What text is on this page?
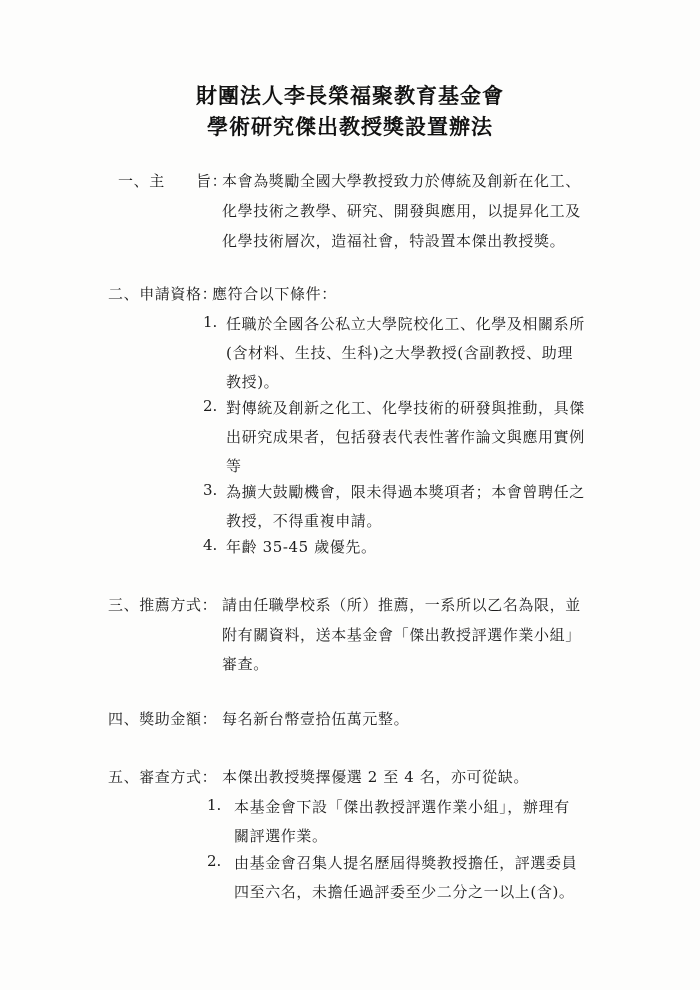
財團法人李長榮福聚教育基金會
學術研究傑出教授獎設置辦法
一、主　　旨：
本會為獎勵全國大學教授致力於傳統及創新在化工、
化學技術之教學、研究、開發與應用，以提昇化工及
化學技術層次，造福社會，特設置本傑出教授獎。
二、申請資格：
應符合以下條件：
1. 任職於全國各公私立大學院校化工、化學及相關系所
(含材料、生技、生科)之大學教授(含副教授、助理
教授)。
2. 對傳統及創新之化工、化學技術的研發與推動，具傑
出研究成果者，包括發表代表性著作論文與應用實例
等
3. 為擴大鼓勵機會，限未得過本獎項者；本會曾聘任之
教授，不得重複申請。
4. 年齡 35-45 歲優先。
三、推薦方式： 請由任職學校系（所）推薦，一系所以乙名為限，並
附有關資料，送本基金會「傑出教授評選作業小組」
審查。
四、獎助金額： 每名新台幣壹拾伍萬元整。
五、審查方式： 本傑出教授獎擇優選 2 至 4 名，亦可從缺。
1. 本基金會下設「傑出教授評選作業小組」，辦理有
關評選作業。
2. 由基金會召集人提名歷屆得獎教授擔任，評選委員
四至六名，未擔任過評委至少二分之一以上(含)。
